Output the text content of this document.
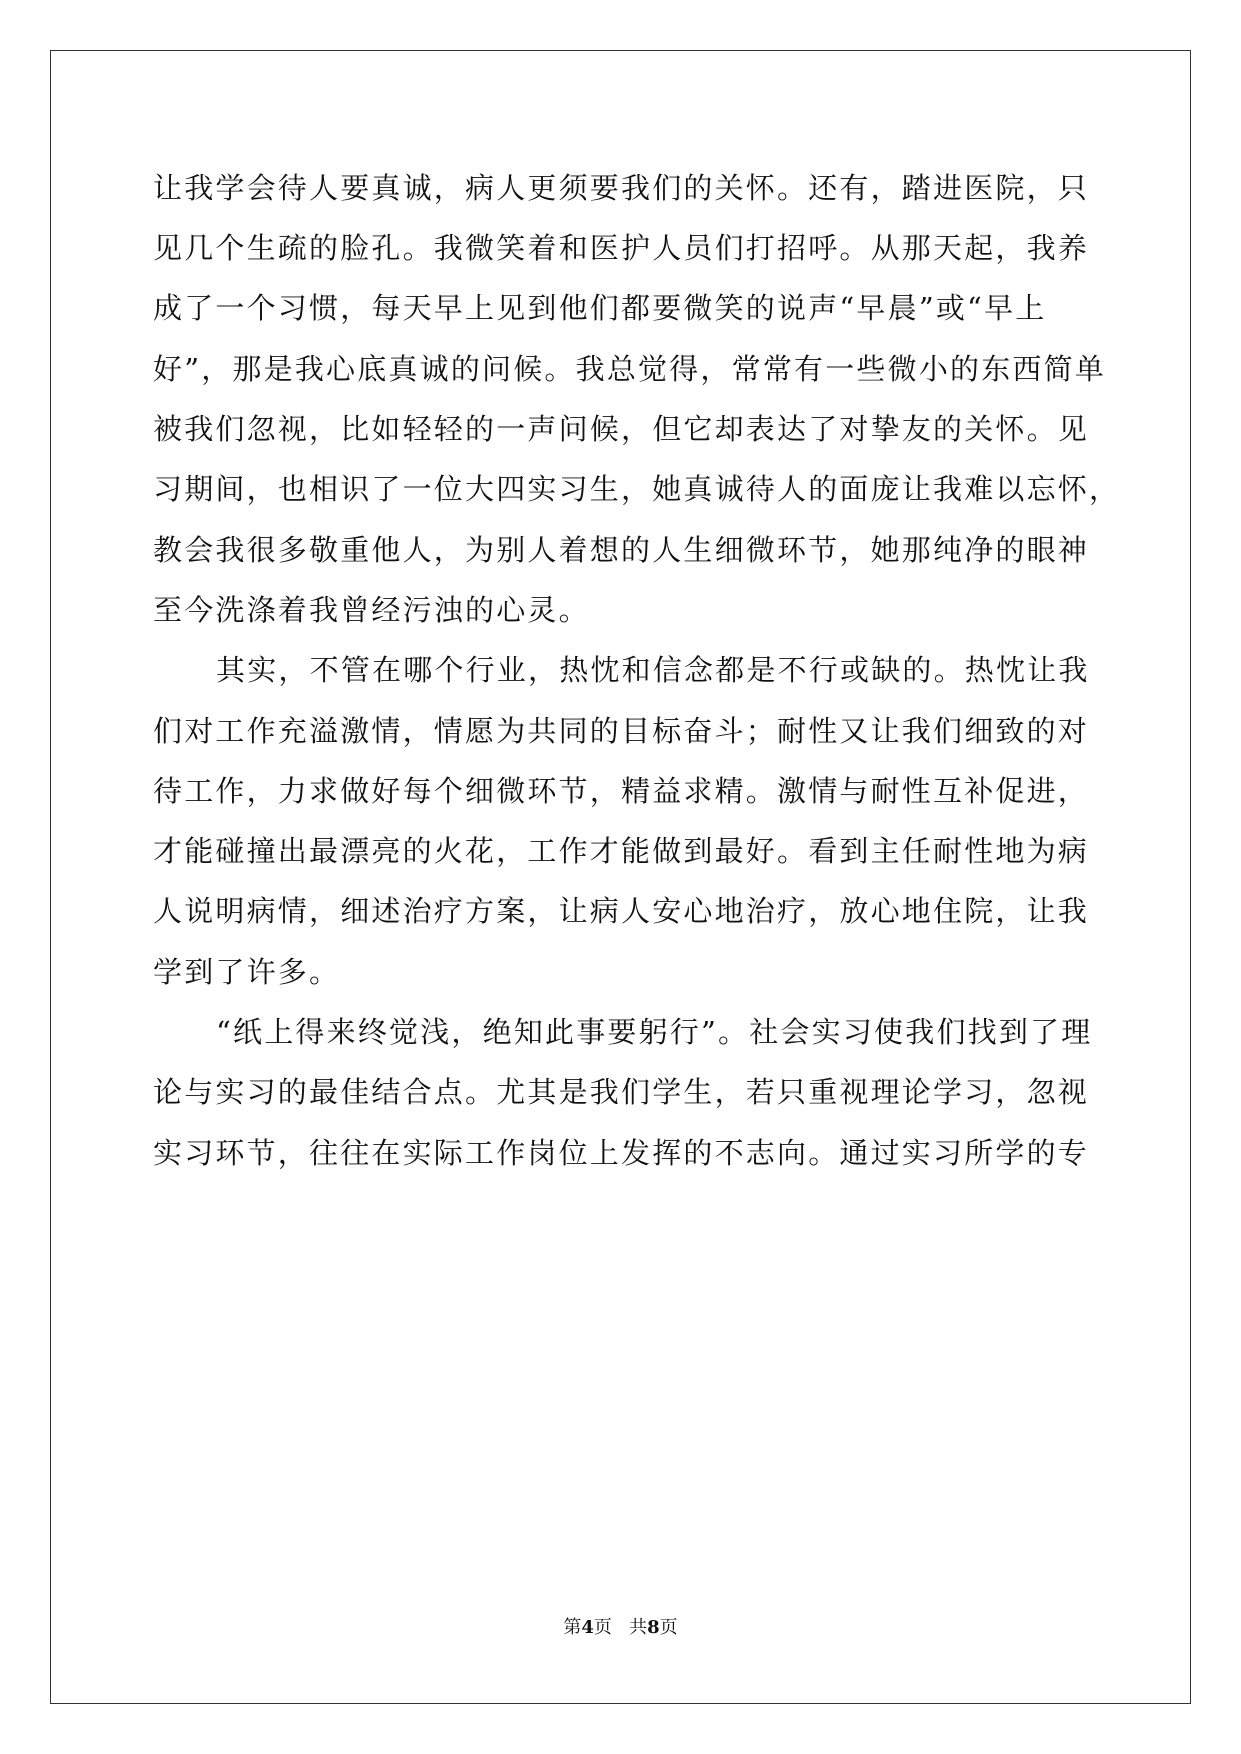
让我学会待人要真诚，病人更须要我们的关怀。还有，踏进医院，只
见几个生疏的脸孔。我微笑着和医护人员们打招呼。从那天起，我养
成了一个习惯，每天早上见到他们都要微笑的说声“早晨”或“早上
好”，那是我心底真诚的问候。我总觉得，常常有一些微小的东西简单
被我们忽视，比如轻轻的一声问候，但它却表达了对挚友的关怀。见
习期间，也相识了一位大四实习生，她真诚待人的面庞让我难以忘怀，
教会我很多敬重他人，为别人着想的人生细微环节，她那纯净的眼神
至今洗涤着我曾经污浊的心灵。
其实，不管在哪个行业，热忱和信念都是不行或缺的。热忱让我
们对工作充溢激情，情愿为共同的目标奋斗；耐性又让我们细致的对
待工作，力求做好每个细微环节，精益求精。激情与耐性互补促进，
才能碰撞出最漂亮的火花，工作才能做到最好。看到主任耐性地为病
人说明病情，细述治疗方案，让病人安心地治疗，放心地住院，让我
学到了许多。
“纸上得来终觉浅，绝知此事要躬行”。社会实习使我们找到了理
论与实习的最佳结合点。尤其是我们学生，若只重视理论学习，忽视
实习环节，往往在实际工作岗位上发挥的不志向。通过实习所学的专
第4页 共8页
